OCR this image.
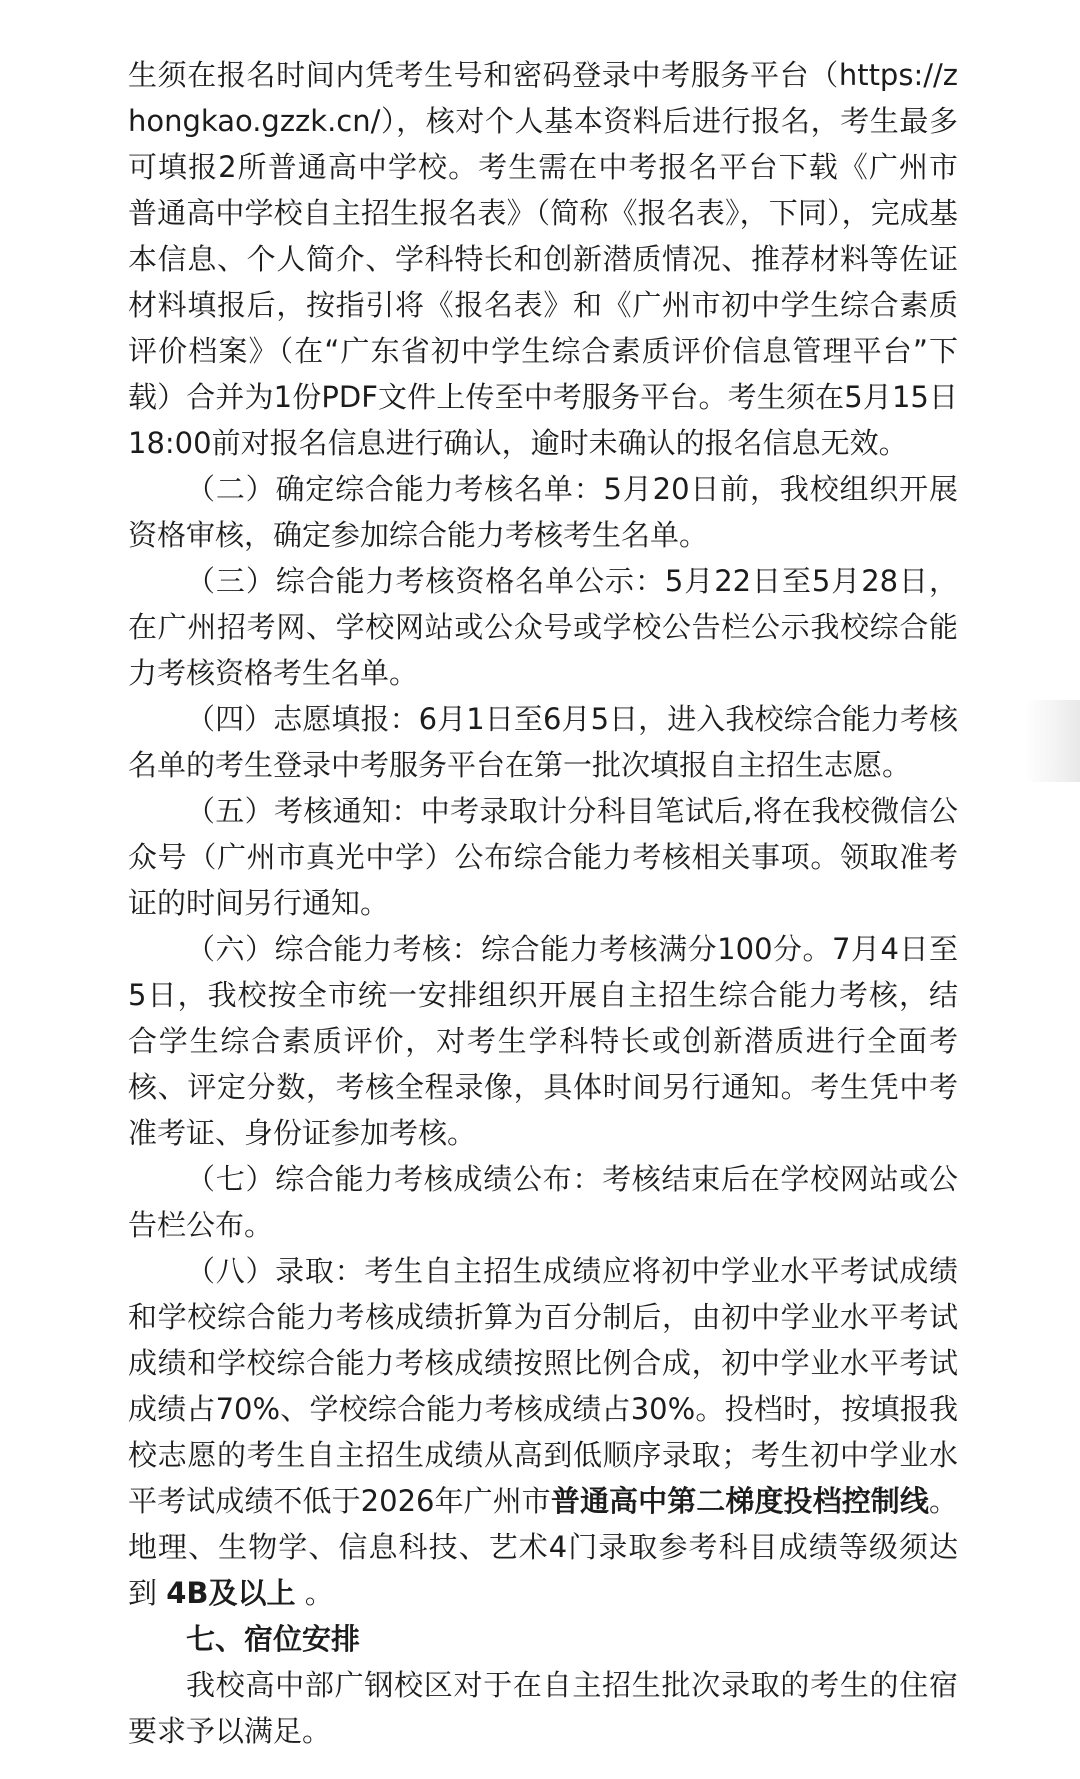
生须在报名时间内凭考生号和密码登录中考服务平台（https://zhongkao.gzzk.cn/），核对个人基本资料后进行报名，考生最多可填报2所普通高中学校。考生需在中考报名平台下载《广州市普通高中学校自主招生报名表》（简称《报名表》，下同），完成基本信息、个人简介、学科特长和创新潜质情况、推荐材料等佐证材料填报后，按指引将《报名表》和《广州市初中学生综合素质评价档案》（在“广东省初中学生综合素质评价信息管理平台”下载）合并为1份PDF文件上传至中考服务平台。考生须在5月15日18:00前对报名信息进行确认，逾时未确认的报名信息无效。

（二）确定综合能力考核名单：5月20日前，我校组织开展资格审核，确定参加综合能力考核考生名单。

（三）综合能力考核资格名单公示：5月22日至5月28日，在广州招考网、学校网站或公众号或学校公告栏公示我校综合能力考核资格考生名单。

（四）志愿填报：6月1日至6月5日，进入我校综合能力考核名单的考生登录中考服务平台在第一批次填报自主招生志愿。

（五）考核通知：中考录取计分科目笔试后,将在我校微信公众号（广州市真光中学）公布综合能力考核相关事项。领取准考证的时间另行通知。

（六）综合能力考核：综合能力考核满分100分。7月4日至5日，我校按全市统一安排组织开展自主招生综合能力考核，结合学生综合素质评价，对考生学科特长或创新潜质进行全面考核、评定分数，考核全程录像，具体时间另行通知。考生凭中考准考证、身份证参加考核。

（七）综合能力考核成绩公布：考核结束后在学校网站或公告栏公布。

（八）录取：考生自主招生成绩应将初中学业水平考试成绩和学校综合能力考核成绩折算为百分制后，由初中学业水平考试成绩和学校综合能力考核成绩按照比例合成，初中学业水平考试成绩占70%、学校综合能力考核成绩占30%。投档时，按填报我校志愿的考生自主招生成绩从高到低顺序录取；考生初中学业水平考试成绩不低于2026年广州市普通高中第二梯度投档控制线。地理、生物学、信息科技、艺术4门录取参考科目成绩等级须达到 4B及以上 。

七、宿位安排

我校高中部广钢校区对于在自主招生批次录取的考生的住宿要求予以满足。
